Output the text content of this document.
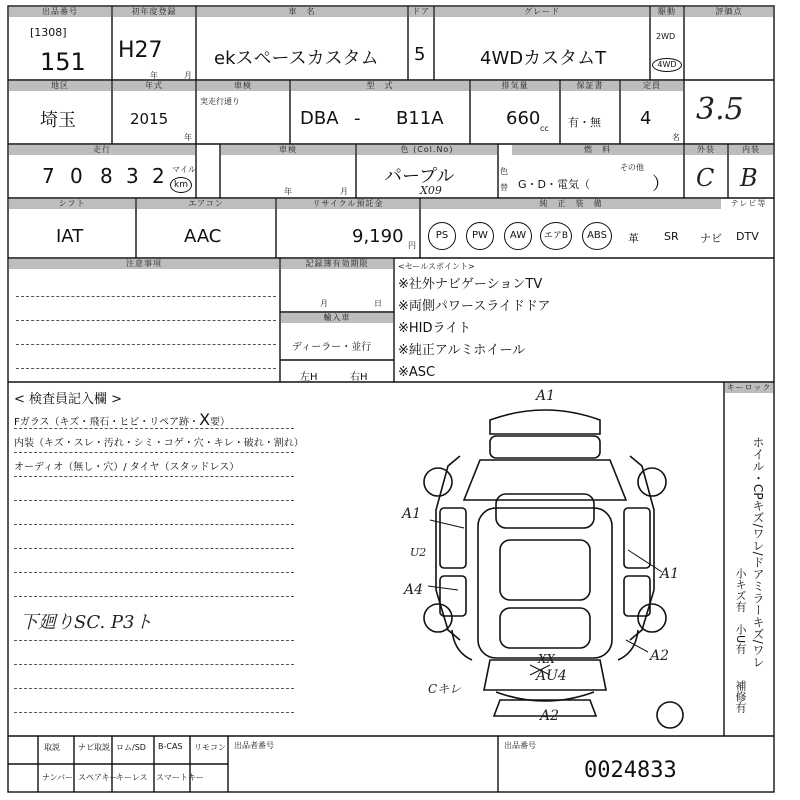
出品番号
[1308]
151
初年度登録
H27
年	月
車　名
ekスペースカスタム
ドア
5
グレード
4WDカスタムT
駆動
2WD
4WD
評価点
3.5
地区
埼玉
年式
2015
年
車検
実走行通り
型　式
DBA - B11A
排気量
660 cc
保証書
有・無
定員
4
名
走行
7 0 8 3 2 マイル
km
車検
年	月
色 (Col.No)
パープル
X09
色
替
燃　料
G・D・電気（
その他
）
外装
C
内装
B
シフト
IAT
エアコン
AAC
リサイクル預託金
9,190 円
純　正　装　備	テレビ等
PS	PW	AW	エアB	ABS	革 SR ナビ DTV
注意事項	記録簿有効期限
月	日
輸入車
ディーラー・並行
左H	右H
<セールスポイント>
※社外ナビゲーションTV
※両側パワースライドドア
※HIDライト
※純正アルミホイール
※ASC
< 検査員記入欄 >
Fガラス（キズ・飛石・ヒビ・リペア跡・X要）
内装（キズ・スレ・汚れ・シミ・コゲ・穴・キレ・破れ・割れ）
オーディオ（無し・穴）/ タイヤ（スタッドレス）
下廻りSC. P3ト
A1
A1
U2
A4
A1
A2
A2
AU4
XX
Cキレ
キーロック
ホイル・CPキズ/ワレ/ドアミラーキズ/ワレ
小キズ有
小U有
補修有
取説 ナビ取説 ロム/SD B-CAS リモコン
ナンバー スペアキー
キーレス スマートキー
出品者番号	出品番号
0024833
